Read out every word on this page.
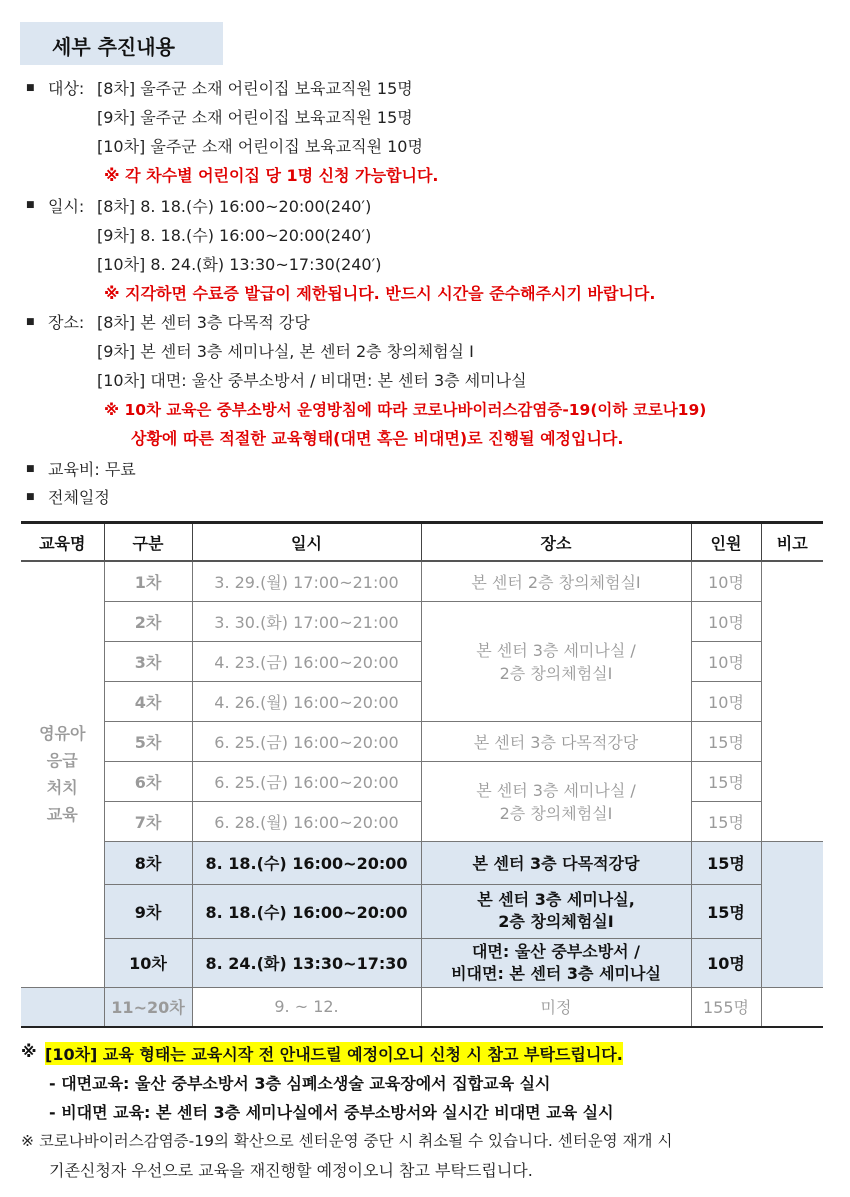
세부 추진내용
■ 대상: [8차] 울주군 소재 어린이집 보육교직원 15명
[9차] 울주군 소재 어린이집 보육교직원 15명
[10차] 울주군 소재 어린이집 보육교직원 10명
※ 각 차수별 어린이집 당 1명 신청 가능합니다.
■ 일시: [8차] 8. 18.(수) 16:00~20:00(240′)
[9차] 8. 18.(수) 16:00~20:00(240′)
[10차] 8. 24.(화) 13:30~17:30(240′)
※ 지각하면 수료증 발급이 제한됩니다. 반드시 시간을 준수해주시기 바랍니다.
■ 장소: [8차] 본 센터 3층 다목적 강당
[9차] 본 센터 3층 세미나실, 본 센터 2층 창의체험실 Ⅰ
[10차] 대면: 울산 중부소방서 / 비대면: 본 센터 3층 세미나실
※ 10차 교육은 중부소방서 운영방침에 따라 코로나바이러스감염증-19(이하 코로나19)
상황에 따른 적절한 교육형태(대면 혹은 비대면)로 진행될 예정입니다.
■ 교육비: 무료
■ 전체일정
교육명	구분	일시	장소	인원	비고

영유아
응급
처치
교육	1차	3. 29.(월) 17:00~21:00	본 센터 2층 창의체험실Ⅰ	10명	
	2차	3. 30.(화) 17:00~21:00	본 센터 3층 세미나실 /
2층 창의체험실Ⅰ	10명	
	3차	4. 23.(금) 16:00~20:00		10명	
	4차	4. 26.(월) 16:00~20:00		10명	
	5차	6. 25.(금) 16:00~20:00	본 센터 3층 다목적강당	15명	
	6차	6. 25.(금) 16:00~20:00	본 센터 3층 세미나실 /
2층 창의체험실Ⅰ	15명	
	7차	6. 28.(월) 16:00~20:00		15명	
	8차	8. 18.(수) 16:00~20:00	본 센터 3층 다목적강당	15명	
	9차	8. 18.(수) 16:00~20:00	본 센터 3층 세미나실,
2층 창의체험실Ⅰ	15명	
	10차	8. 24.(화) 13:30~17:30	대면: 울산 중부소방서 /
비대면: 본 센터 3층 세미나실	10명	
	11~20차	9. ~ 12.	미정	155명	
※ [10차] 교육 형태는 교육시작 전 안내드릴 예정이오니 신청 시 참고 부탁드립니다.
- 대면교육: 울산 중부소방서 3층 심폐소생술 교육장에서 집합교육 실시
- 비대면 교육: 본 센터 3층 세미나실에서 중부소방서와 실시간 비대면 교육 실시
※ 코로나바이러스감염증-19의 확산으로 센터운영 중단 시 취소될 수 있습니다. 센터운영 재개 시
기존신청자 우선으로 교육을 재진행할 예정이오니 참고 부탁드립니다.
